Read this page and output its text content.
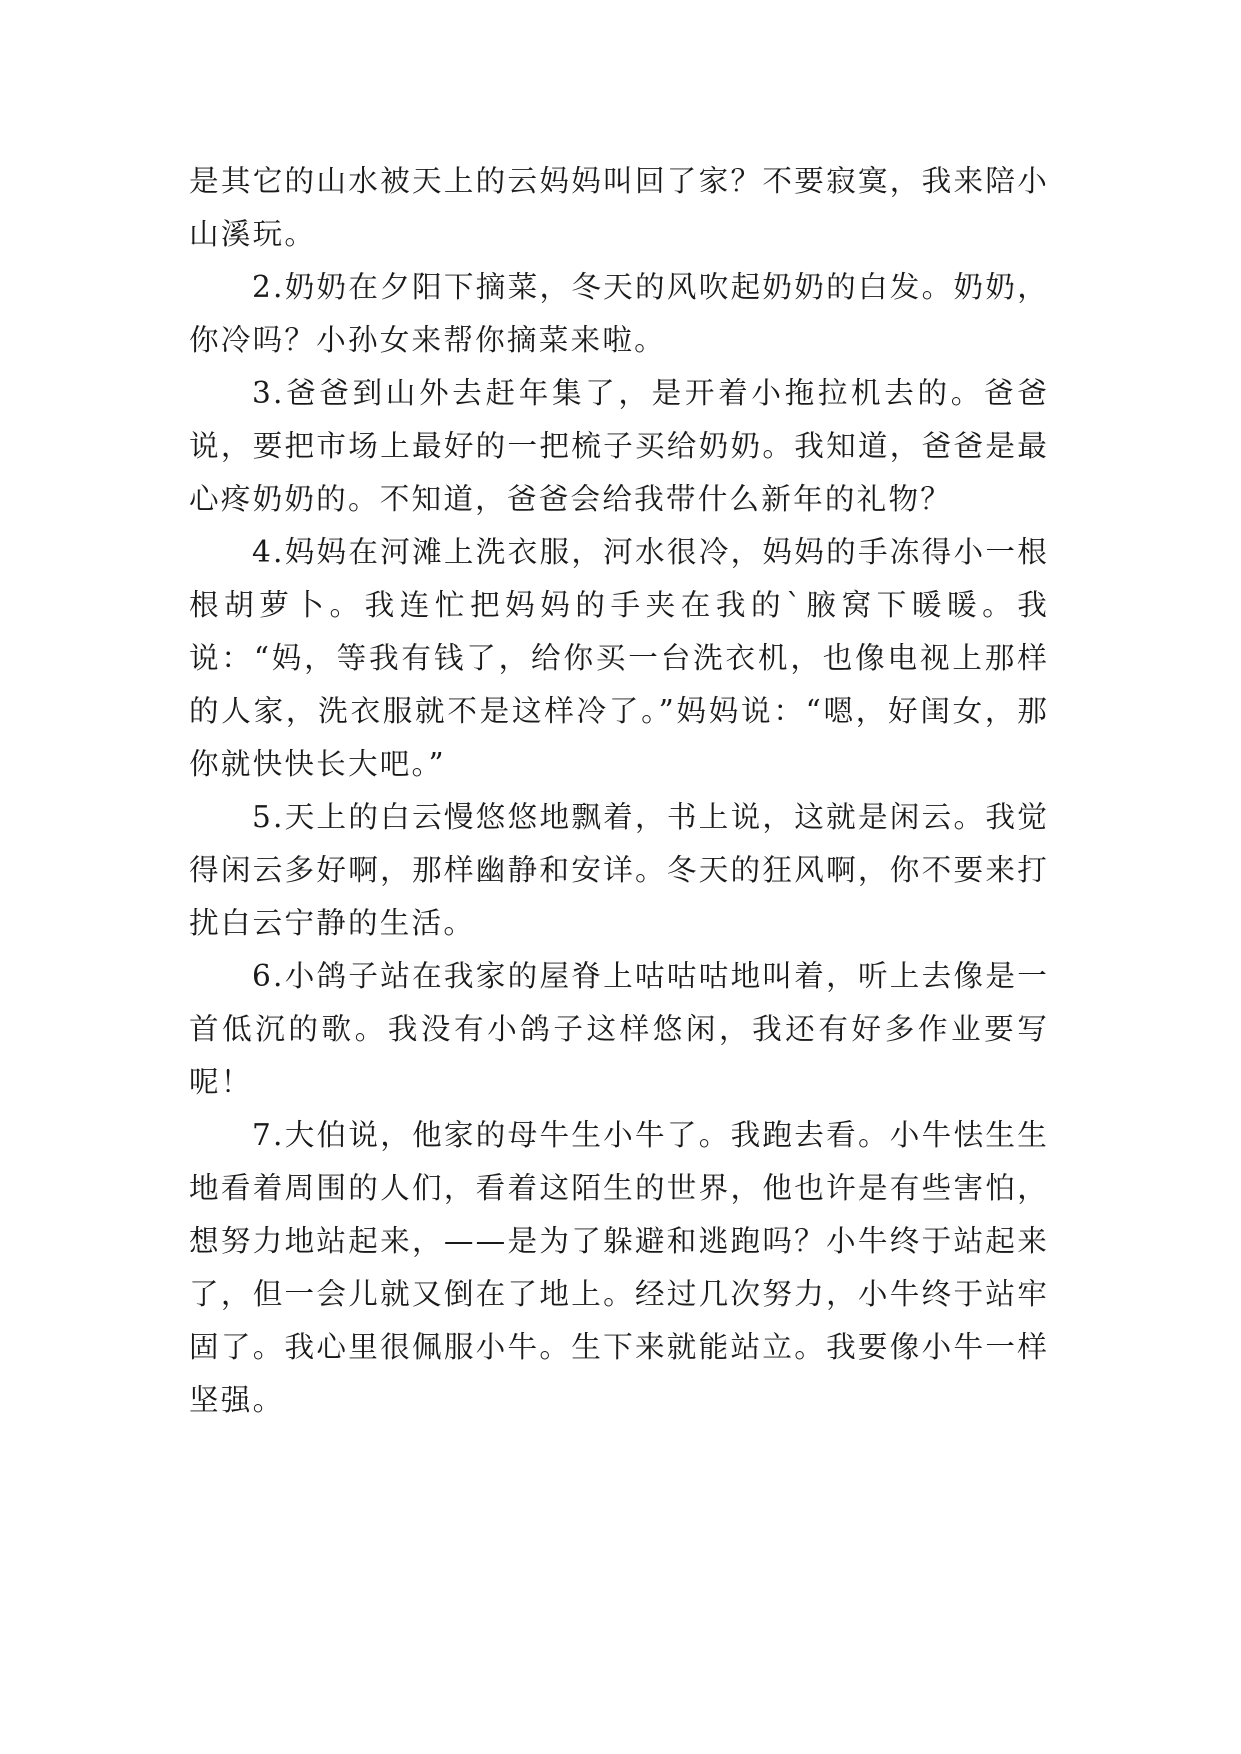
是其它的山水被天上的云妈妈叫回了家？不要寂寞，我来陪小山溪玩。

2.奶奶在夕阳下摘菜，冬天的风吹起奶奶的白发。奶奶，你冷吗？小孙女来帮你摘菜来啦。

3.爸爸到山外去赶年集了，是开着小拖拉机去的。爸爸说，要把市场上最好的一把梳子买给奶奶。我知道，爸爸是最心疼奶奶的。不知道，爸爸会给我带什么新年的礼物？

4.妈妈在河滩上洗衣服，河水很冷，妈妈的手冻得小一根根胡萝卜。我连忙把妈妈的手夹在我的`腋窝下暖暖。我说：“妈，等我有钱了，给你买一台洗衣机，也像电视上那样的人家，洗衣服就不是这样冷了。”妈妈说：“嗯，好闺女，那你就快快长大吧。”

5.天上的白云慢悠悠地飘着，书上说，这就是闲云。我觉得闲云多好啊，那样幽静和安详。冬天的狂风啊，你不要来打扰白云宁静的生活。

6.小鸽子站在我家的屋脊上咕咕咕地叫着，听上去像是一首低沉的歌。我没有小鸽子这样悠闲，我还有好多作业要写呢！

7.大伯说，他家的母牛生小牛了。我跑去看。小牛怯生生地看着周围的人们，看着这陌生的世界，他也许是有些害怕，想努力地站起来，——是为了躲避和逃跑吗？小牛终于站起来了，但一会儿就又倒在了地上。经过几次努力，小牛终于站牢固了。我心里很佩服小牛。生下来就能站立。我要像小牛一样坚强。
